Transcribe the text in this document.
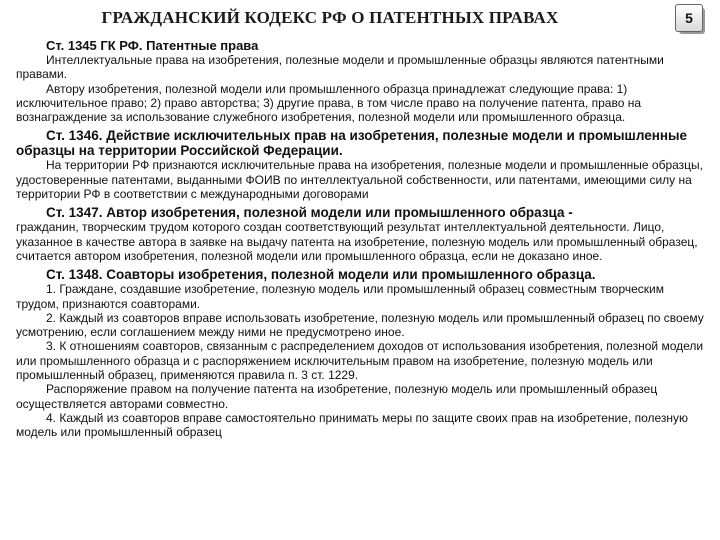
ГРАЖДАНСКИЙ КОДЕКС РФ О ПАТЕНТНЫХ ПРАВАХ	5
Ст. 1345 ГК РФ. Патентные права

Интеллектуальные права на изобретения, полезные модели и промышленные образцы являются патентными правами.

Автору изобретения, полезной модели или промышленного образца принадлежат следующие права: 1) исключительное право; 2) право авторства; 3) другие права, в том числе право на получение патента, право на вознаграждение за использование служебного изобретения, полезной модели или промышленного образца.

Ст. 1346. Действие исключительных прав на изобретения, полезные модели и промышленные образцы на территории Российской Федерации.

На территории РФ признаются исключительные права на изобретения, полезные модели и промышленные образцы, удостоверенные патентами, выданными ФОИВ по интеллектуальной собственности, или патентами, имеющими силу на территории РФ в соответствии с международными договорами

Ст. 1347. Автор изобретения, полезной модели или промышленного образца -

гражданин, творческим трудом которого создан соответствующий результат интеллектуальной деятельности. Лицо, указанное в качестве автора в заявке на выдачу патента на изобретение, полезную модель или промышленный образец, считается автором изобретения, полезной модели или промышленного образца, если не доказано иное.

Ст. 1348. Соавторы изобретения, полезной модели или промышленного образца.

1. Граждане, создавшие изобретение, полезную модель или промышленный образец совместным творческим трудом, признаются соавторами.

2. Каждый из соавторов вправе использовать изобретение, полезную модель или промышленный образец по своему усмотрению, если соглашением между ними не предусмотрено иное.

3. К отношениям соавторов, связанным с распределением доходов от использования изобретения, полезной модели или промышленного образца и с распоряжением исключительным правом на изобретение, полезную модель или промышленный образец, применяются правила п. 3 ст. 1229.

Распоряжение правом на получение патента на изобретение, полезную модель или промышленный образец осуществляется авторами совместно.

4. Каждый из соавторов вправе самостоятельно принимать меры по защите своих прав на изобретение, полезную модель или промышленный образец
